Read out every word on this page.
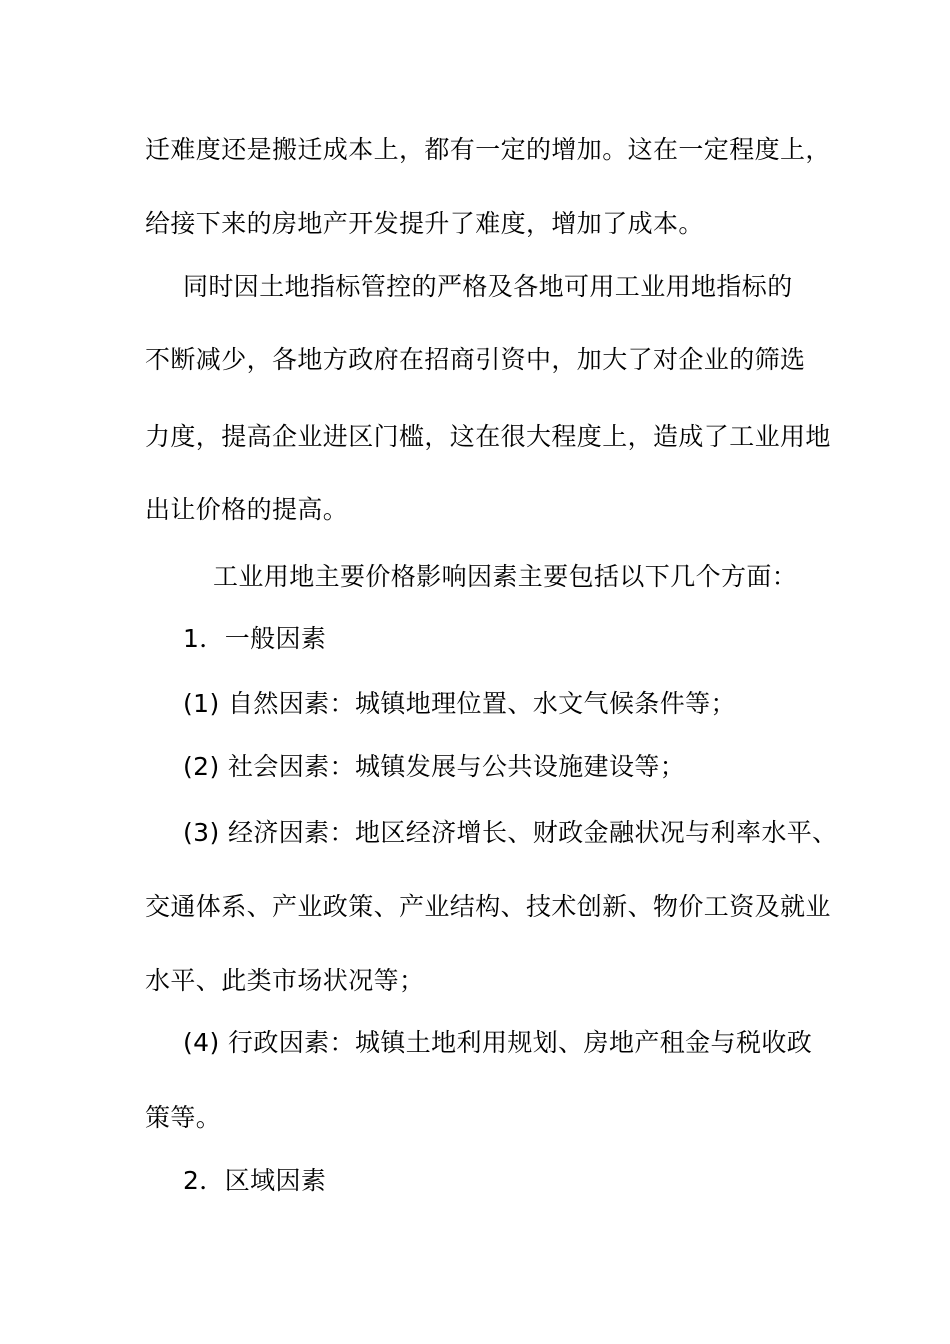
迁难度还是搬迁成本上，都有一定的增加。这在一定程度上，
给接下来的房地产开发提升了难度，增加了成本。
同时因土地指标管控的严格及各地可用工业用地指标的
不断减少，各地方政府在招商引资中，加大了对企业的筛选
力度，提高企业进区门槛，这在很大程度上，造成了工业用地
出让价格的提高。
工业用地主要价格影响因素主要包括以下几个方面：
1．一般因素
(1) 自然因素：城镇地理位置、水文气候条件等；
(2) 社会因素：城镇发展与公共设施建设等；
(3) 经济因素：地区经济增长、财政金融状况与利率水平、
交通体系、产业政策、产业结构、技术创新、物价工资及就业
水平、此类市场状况等；
(4) 行政因素：城镇土地利用规划、房地产租金与税收政
策等。
2．区域因素
